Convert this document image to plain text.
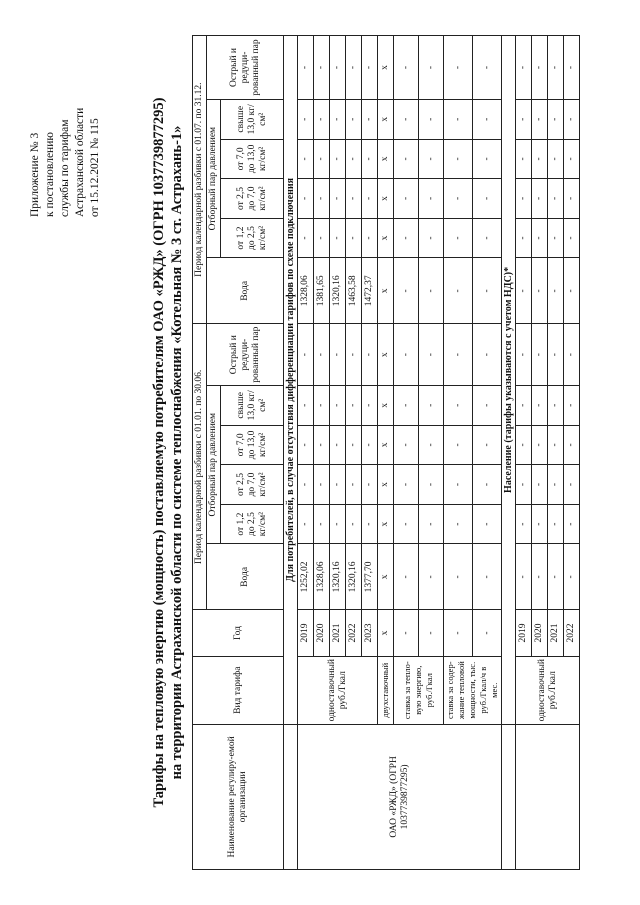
Приложение № 3 к постановлению службы по тарифам Астраханской области от 15.12.2021 № 115	Тарифы на тепловую энергию (мощность) поставляемую потребителям ОАО «РЖД» (ОГРН 1037739877295) на территории Астраханской области по системе теплоснабжения «Котельная № 3 ст. Астрахань-1»
Наименование регулиру-емой организации	Вид тарифа	Год	Период календарной разбивки с 01.01. по 30.06.						Период календарной разбивки с 01.07. по 31.12.					
			Вода	Отборный пар давлением				Острый и редуци-рованный пар	Вода	Отборный пар давлением				Острый и редуци-рованный пар
				от 1,2 до 2,5 кг/см²	от 2,5 до 7,0 кг/см²	от 7,0 до 13,0 кг/см²	свыше 13,0 кг/см²			от 1,2 до 2,5 кг/см²	от 2,5 до 7,0 кг/см²	от 7,0 до 13,0 кг/см²	свыше 13,0 кг/см²	
	Для потребителей, в случае отсутствия дифференциации тарифов по схеме подключения													
ОАО «РЖД» (ОГРН 1037739877295)	одноставочный руб./Гкал	2019	1252,02	-	-	-	-	-	1328,06	-	-	-	-	-
		2020	1328,06	-	-	-	-	-	1381,65	-	-	-	-	-
		2021	1320,16	-	-	-	-	-	1320,16	-	-	-	-	-
		2022	1320,16	-	-	-	-	-	1463,58	-	-	-	-	-
		2023	1377,70	-	-	-	-	-	1472,37	-	-	-	-	-
	двухставочный	х	х	х	х	х	х	х	х	х	х	х	х	х
	ставка за тепло-вую энергию, руб./Гкал	-	-	-	-	-	-	-	-	-	-	-	-	-
		-	-	-	-	-	-	-	-	-	-	-	-	-
	ставка за содер-жание тепловой мощности, тыс. руб./Гкал/ч в мес.	-	-	-	-	-	-	-	-	-	-	-	-	-
		-	-	-	-	-	-	-	-	-	-	-	-	-
	Население (тарифы указываются с учетом НДС)*													
	одноставочный руб./Гкал	2019	-	-	-	-	-	-	-	-	-	-	-	-
		2020	-	-	-	-	-	-	-	-	-	-	-	-
		2021	-	-	-	-	-	-	-	-	-	-	-	-
		2022	-	-	-	-	-	-	-	-	-	-	-	-
